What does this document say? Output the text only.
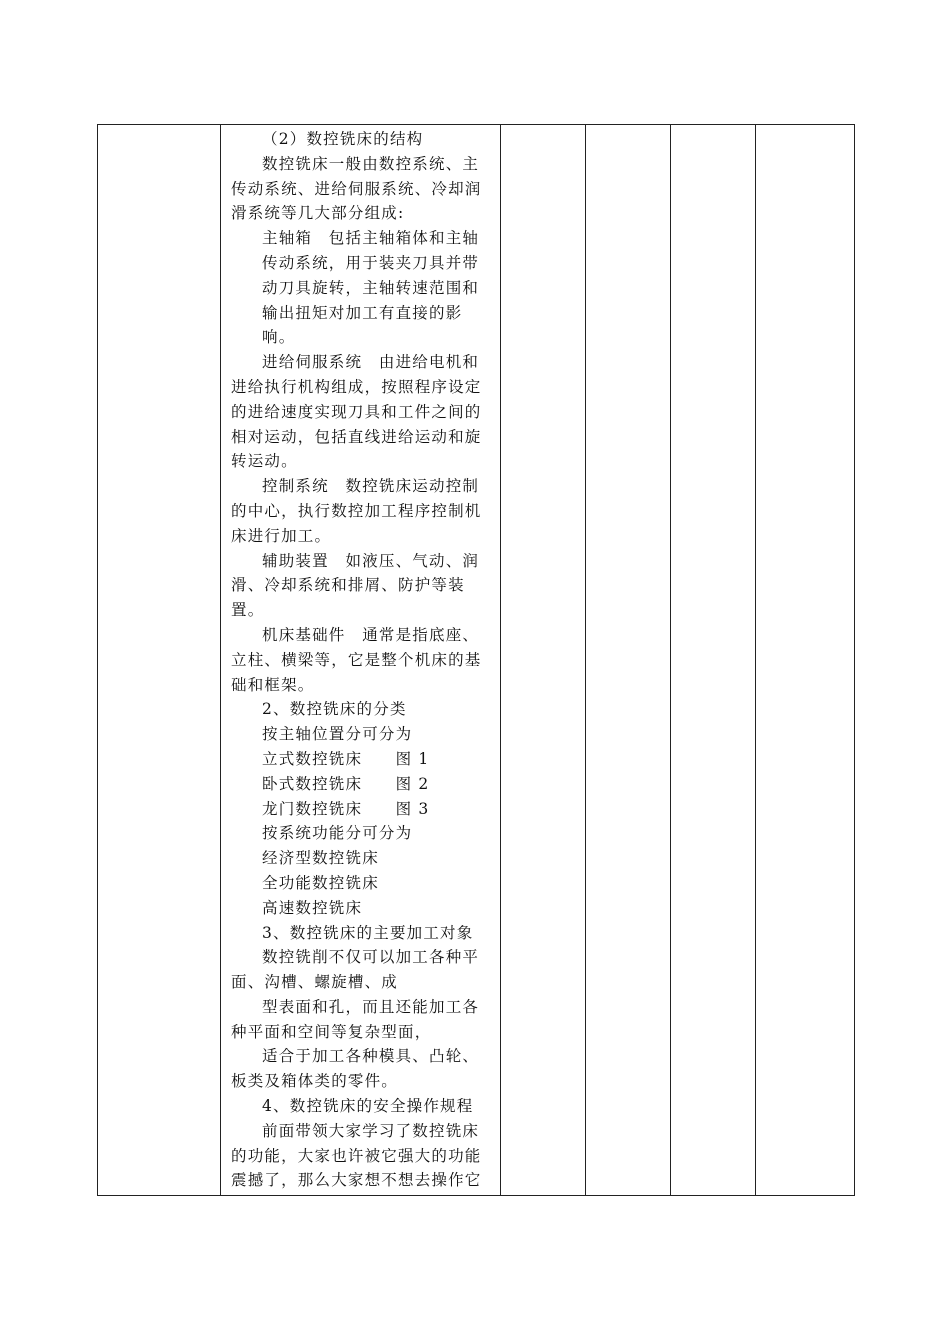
（2）数控铣床的结构

数控铣床一般由数控系统、主传动系统、进给伺服系统、冷却润滑系统等几大部分组成:

主轴箱　包括主轴箱体和主轴传动系统，用于装夹刀具并带动刀具旋转，主轴转速范围和输出扭矩对加工有直接的影响。

进给伺服系统　由进给电机和进给执行机构组成，按照程序设定的进给速度实现刀具和工件之间的相对运动，包括直线进给运动和旋转运动。

控制系统　数控铣床运动控制的中心，执行数控加工程序控制机床进行加工。

辅助装置　如液压、气动、润滑、冷却系统和排屑、防护等装置。

机床基础件　通常是指底座、立柱、横梁等，它是整个机床的基础和框架。

2、数控铣床的分类

按主轴位置分可分为

立式数控铣床　　图 1

卧式数控铣床　　图 2

龙门数控铣床　　图 3

按系统功能分可分为

经济型数控铣床

全功能数控铣床

高速数控铣床

3、数控铣床的主要加工对象

数控铣削不仅可以加工各种平面、沟槽、螺旋槽、成

型表面和孔，而且还能加工各种平面和空间等复杂型面，

适合于加工各种模具、凸轮、板类及箱体类的零件。

4、数控铣床的安全操作规程

前面带领大家学习了数控铣床的功能，大家也许被它强大的功能震撼了，那么大家想不想去操作它
